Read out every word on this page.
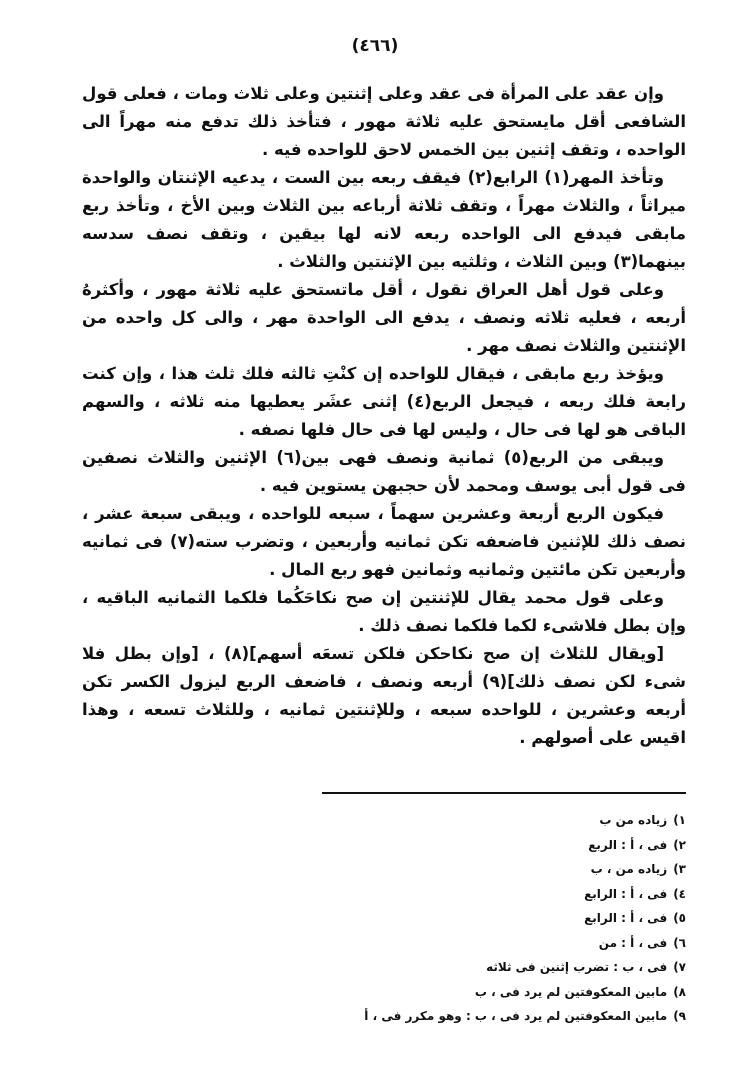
(٤٦٦)

وإن عقد على المرأة فى عقد وعلى إثنتين وعلى ثلاث ومات ، فعلى قول الشافعى أقل مايستحق عليه ثلاثة مهور ، فتأخذ ذلك تدفع منه مهراً الى الواحده ، وتقف إثنين بين الخمس لاحق للواحده فيه .

وتأخذ المهر(١) الرابع(٢) فيقف ربعه بين الست ، يدعيه الإثنتان والواحدة ميراثاً ، والثلاث مهراً ، وتقف ثلاثة أرباعه بين الثلاث وبين الأخ ، وتأخذ ربع مابقى فيدفع الى الواحده ربعه لانه لها بيقين ، وتقف نصف سدسه بينهما(٣) وبين الثلاث ، وثلثيه بين الإثنتين والثلاث .

وعلى قول أهل العراق نقول ، أقل ماتستحق عليه ثلاثة مهور ، وأكثرهُ أربعه ، فعليه ثلاثه ونصف ، يدفع الى الواحدة مهر ، والى كل واحده من الإثنتين والثلاث نصف مهر .

ويؤخذ ربع مابقى ، فيقال للواحده إن كنْتِ ثالثه فلك ثلث هذا ، وإن كنت رابعة فلك ربعه ، فيجعل الربع(٤) إثنى عشَر يعطيها منه ثلاثه ، والسهم الباقى هو لها فى حال ، وليس لها فى حال فلها نصفه .

ويبقى من الربع(٥) ثمانية ونصف فهى بين(٦) الإثنين والثلاث نصفين فى قول أبى يوسف ومحمد لأن حجبهن يستوين فيه .

فيكون الربع أربعة وعشرين سهماً ، سبعه للواحده ، ويبقى سبعة عشر ، نصف ذلك للإثنين فاضعفه تكن ثمانيه وأربعين ، وتضرب سته(٧) فى ثمانيه وأربعين تكن مائتين وثمانيه وثمانين فهو ربع المال .

وعلى قول محمد يقال للإثنتين إن صح نكاحَكُما فلكما الثمانيه الباقيه ، وإن بطل فلاشىء لكما فلكما نصف ذلك .

[ويقال للثلاث إن صح نكاحكن فلكن تسعَه أسهم](٨) ، [وإن بطل فلا شىء لكن نصف ذلك](٩) أربعه ونصف ، فاضعف الربع ليزول الكسر تكن أربعه وعشرين ، للواحده سبعه ، وللإثنتين ثمانيه ، وللثلاث تسعه ، وهذا اقيس على أصولهم .

١)زياده من ب
٢)فى ، أ : الربع
٣)زياده من ، ب
٤)فى ، أ : الرابع
٥)فى ، أ : الرابع
٦)فى ، أ : من
٧)فى ، ب : تضرب إثنين فى ثلاثه
٨)مابين المعكوفتين لم يرد فى ، ب
٩)مابين المعكوفتين لم يرد فى ، ب : وهو مكرر فى ، أ
